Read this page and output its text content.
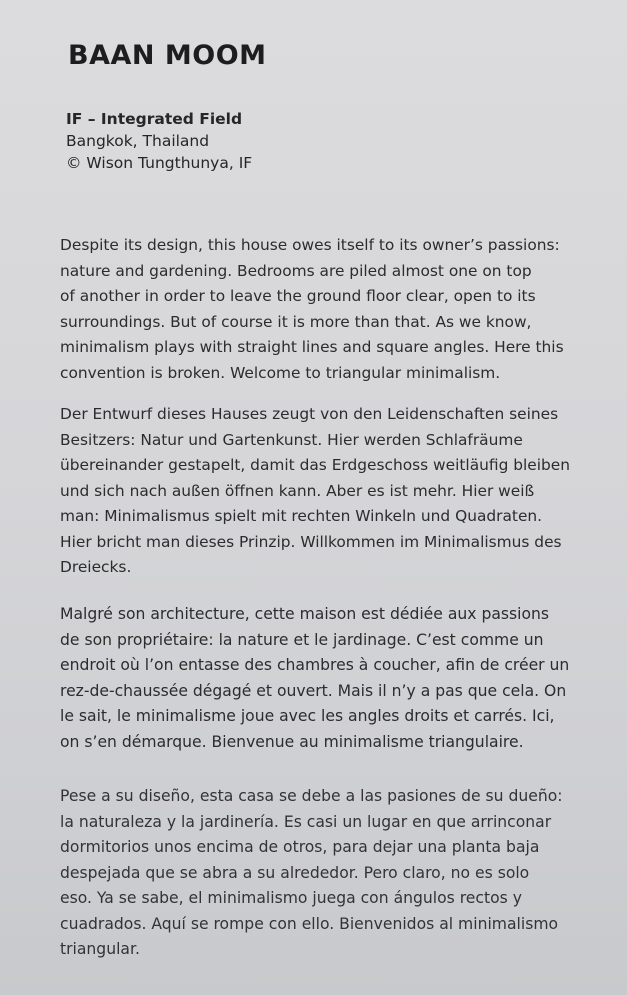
BAAN MOOM
IF – Integrated Field
Bangkok, Thailand
© Wison Tungthunya, IF
Despite its design, this house owes itself to its owner’s passions:
nature and gardening. Bedrooms are piled almost one on top
of another in order to leave the ground floor clear, open to its
surroundings. But of course it is more than that. As we know,
minimalism plays with straight lines and square angles. Here this
convention is broken. Welcome to triangular minimalism.
Der Entwurf dieses Hauses zeugt von den Leidenschaften seines
Besitzers: Natur und Gartenkunst. Hier werden Schlafräume
übereinander gestapelt, damit das Erdgeschoss weitläufig bleiben
und sich nach außen öffnen kann. Aber es ist mehr. Hier weiß
man: Minimalismus spielt mit rechten Winkeln und Quadraten.
Hier bricht man dieses Prinzip. Willkommen im Minimalismus des
Dreiecks.
Malgré son architecture, cette maison est dédiée aux passions
de son propriétaire: la nature et le jardinage. C’est comme un
endroit où l’on entasse des chambres à coucher, afin de créer un
rez-de-chaussée dégagé et ouvert. Mais il n’y a pas que cela. On
le sait, le minimalisme joue avec les angles droits et carrés. Ici,
on s’en démarque. Bienvenue au minimalisme triangulaire.
Pese a su diseño, esta casa se debe a las pasiones de su dueño:
la naturaleza y la jardinería. Es casi un lugar en que arrinconar
dormitorios unos encima de otros, para dejar una planta baja
despejada que se abra a su alrededor. Pero claro, no es solo
eso. Ya se sabe, el minimalismo juega con ángulos rectos y
cuadrados. Aquí se rompe con ello. Bienvenidos al minimalismo
triangular.
